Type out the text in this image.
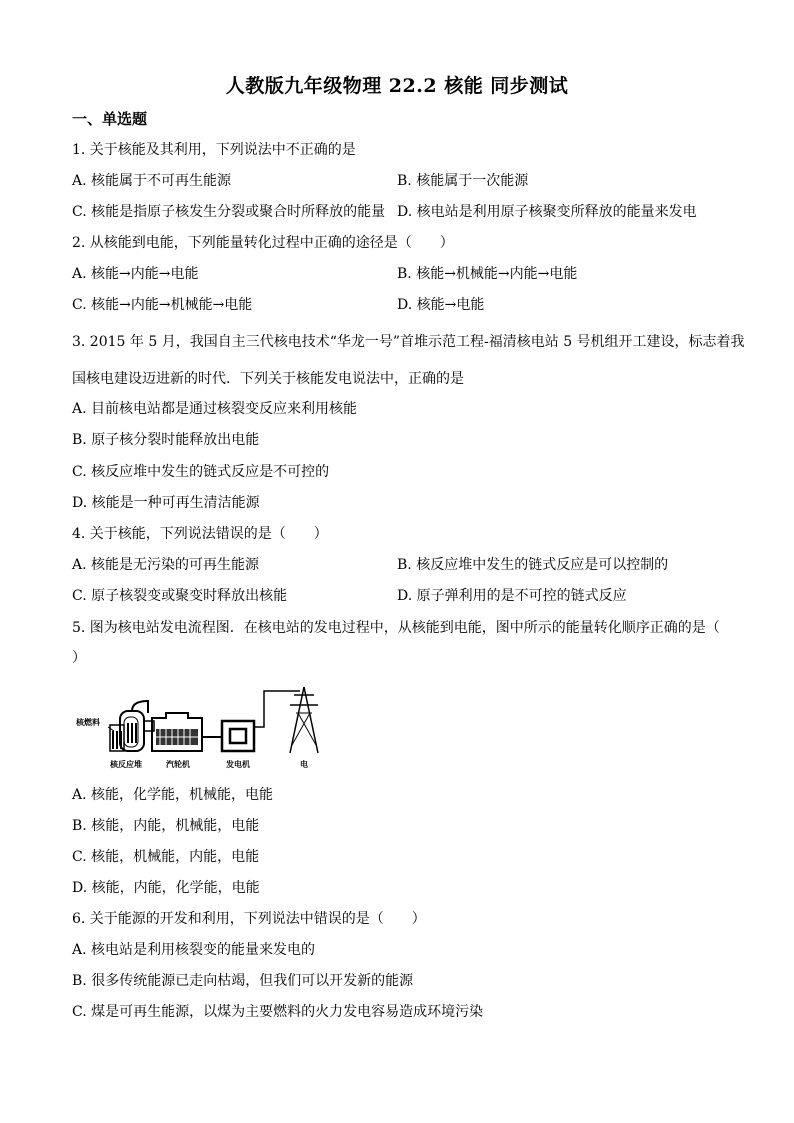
人教版九年级物理 22.2 核能 同步测试
一、单选题
1. 关于核能及其利用，下列说法中不正确的是
A. 核能属于不可再生能源	B. 核能属于一次能源
C. 核能是指原子核发生分裂或聚合时所释放的能量 D. 核电站是利用原子核聚变所释放的能量来发电
2. 从核能到电能，下列能量转化过程中正确的途径是（　　）
A. 核能→内能→电能	B. 核能→机械能→内能→电能
C. 核能→内能→机械能→电能	D. 核能→电能
3. 2015 年 5 月，我国自主三代核电技术“华龙一号”首堆示范工程-福清核电站 5 号机组开工建设，标志着我
国核电建设迈进新的时代．下列关于核能发电说法中，正确的是
A. 目前核电站都是通过核裂变反应来利用核能
B. 原子核分裂时能释放出电能
C. 核反应堆中发生的链式反应是不可控的
D. 核能是一种可再生清洁能源
4. 关于核能，下列说法错误的是（　　）
A. 核能是无污染的可再生能源	B. 核反应堆中发生的链式反应是可以控制的
C. 原子核裂变或聚变时释放出核能	D. 原子弹利用的是不可控的链式反应
5. 图为核电站发电流程图．在核电站的发电过程中，从核能到电能，图中所示的能量转化顺序正确的是（
）
核燃料
核反应堆	汽轮机	发电机	电
A. 核能，化学能，机械能，电能
B. 核能，内能，机械能，电能
C. 核能，机械能，内能，电能
D. 核能，内能，化学能，电能
6. 关于能源的开发和利用，下列说法中错误的是（　　）
A. 核电站是利用核裂变的能量来发电的
B. 很多传统能源已走向枯竭，但我们可以开发新的能源
C. 煤是可再生能源，以煤为主要燃料的火力发电容易造成环境污染
